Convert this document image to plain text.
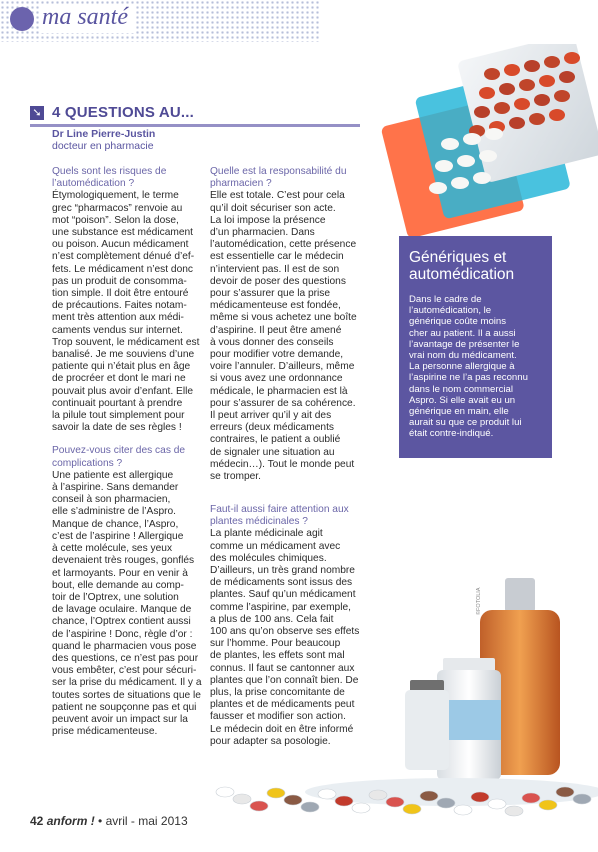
ma santé
➘ 4 QUESTIONS AU...
Dr Line Pierre-Justin
docteur en pharmacie

Quels sont les risques de l’automédication ?

Étymologiquement, le terme

grec “pharmacos” renvoie au

mot “poison”. Selon la dose,

une substance est médicament

ou poison. Aucun médicament

n’est complètement dénué d’ef-

fets. Le médicament n’est donc

pas un produit de consomma-

tion simple. Il doit être entouré

de précautions. Faites notam-

ment très attention aux médi-

caments vendus sur internet.

Trop souvent, le médicament est

banalisé. Je me souviens d’une

patiente qui n’était plus en âge

de procréer et dont le mari ne

pouvait plus avoir d’enfant. Elle

continuait pourtant à prendre

la pilule tout simplement pour

savoir la date de ses règles !

Pouvez-vous citer des cas de complications ?

Une patiente est allergique

à l’aspirine. Sans demander

conseil à son pharmacien,

elle s’administre de l’Aspro.

Manque de chance, l’Aspro,

c’est de l’aspirine ! Allergique

à cette molécule, ses yeux

devenaient très rouges, gonflés

et larmoyants. Pour en venir à

bout, elle demande au comp-

toir de l’Optrex, une solution

de lavage oculaire. Manque de

chance, l’Optrex contient aussi

de l’aspirine ! Donc, règle d’or :

quand le pharmacien vous pose

des questions, ce n’est pas pour

vous embêter, c’est pour sécuri-

ser la prise du médicament. Il y a

toutes sortes de situations que le

patient ne soupçonne pas et qui

peuvent avoir un impact sur la

prise médicamenteuse.

Quelle est la responsabilité du pharmacien ?

Elle est totale. C’est pour cela

qu’il doit sécuriser son acte.

La loi impose la présence

d’un pharmacien. Dans

l’automédication, cette présence

est essentielle car le médecin

n’intervient pas. Il est de son

devoir de poser des questions

pour s’assurer que la prise

médicamenteuse est fondée,

même si vous achetez une boîte

d’aspirine. Il peut être amené

à vous donner des conseils

pour modifier votre demande,

voire l’annuler. D’ailleurs, même

si vous avez une ordonnance

médicale, le pharmacien est là

pour s’assurer de sa cohérence.

Il peut arriver qu’il y ait des

erreurs (deux médicaments

contraires, le patient a oublié

de signaler une situation au

médecin…). Tout le monde peut

se tromper.

Faut-il aussi faire attention aux plantes médicinales ?

La plante médicinale agit

comme un médicament avec

des molécules chimiques.

D’ailleurs, un très grand nombre

de médicaments sont issus des

plantes. Sauf qu’un médicament

comme l’aspirine, par exemple,

a plus de 100 ans. Cela fait

100 ans qu’on observe ses effets

sur l’homme. Pour beaucoup

de plantes, les effets sont mal

connus. Il faut se cantonner aux

plantes que l’on connaît bien. De

plus, la prise concomitante de

plantes et de médicaments peut

fausser et modifier son action.

Le médecin doit en être informé

pour adapter sa posologie.

Génériques et
automédication

Dans le cadre de

l’automédication, le

générique coûte moins

cher au patient. Il a aussi

l’avantage de présenter le

vrai nom du médicament.

La personne allergique à

l’aspirine ne l’a pas reconnu

dans le nom commercial

Aspro. Si elle avait eu un

générique en main, elle

aurait su que ce produit lui

était contre-indiqué.

©FOTOLIA
42 anform ! • avril - mai 2013
